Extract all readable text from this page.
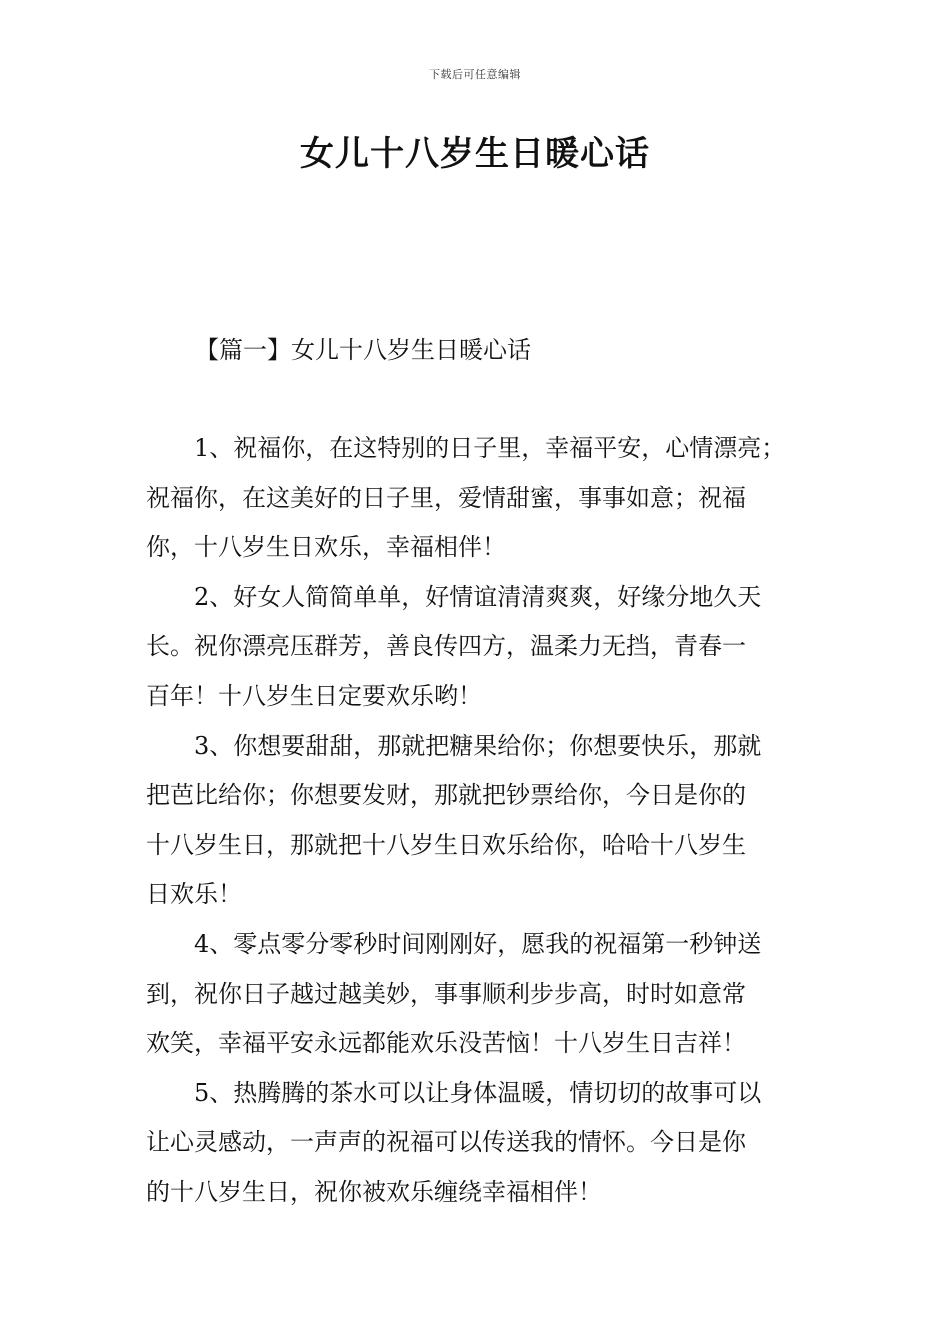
下载后可任意编辑
女儿十八岁生日暖心话
【篇一】女儿十八岁生日暖心话

1、祝福你，在这特别的日子里，幸福平安，心情漂亮；
祝福你，在这美好的日子里，爱情甜蜜，事事如意；祝福
你，十八岁生日欢乐，幸福相伴！

2、好女人简简单单，好情谊清清爽爽，好缘分地久天
长。祝你漂亮压群芳，善良传四方，温柔力无挡，青春一
百年！十八岁生日定要欢乐哟！

3、你想要甜甜，那就把糖果给你；你想要快乐，那就
把芭比给你；你想要发财，那就把钞票给你，今日是你的
十八岁生日，那就把十八岁生日欢乐给你，哈哈十八岁生
日欢乐！

4、零点零分零秒时间刚刚好，愿我的祝福第一秒钟送
到，祝你日子越过越美妙，事事顺利步步高，时时如意常
欢笑，幸福平安永远都能欢乐没苦恼！十八岁生日吉祥！

5、热腾腾的茶水可以让身体温暖，情切切的故事可以
让心灵感动，一声声的祝福可以传送我的情怀。今日是你
的十八岁生日，祝你被欢乐缠绕幸福相伴！
